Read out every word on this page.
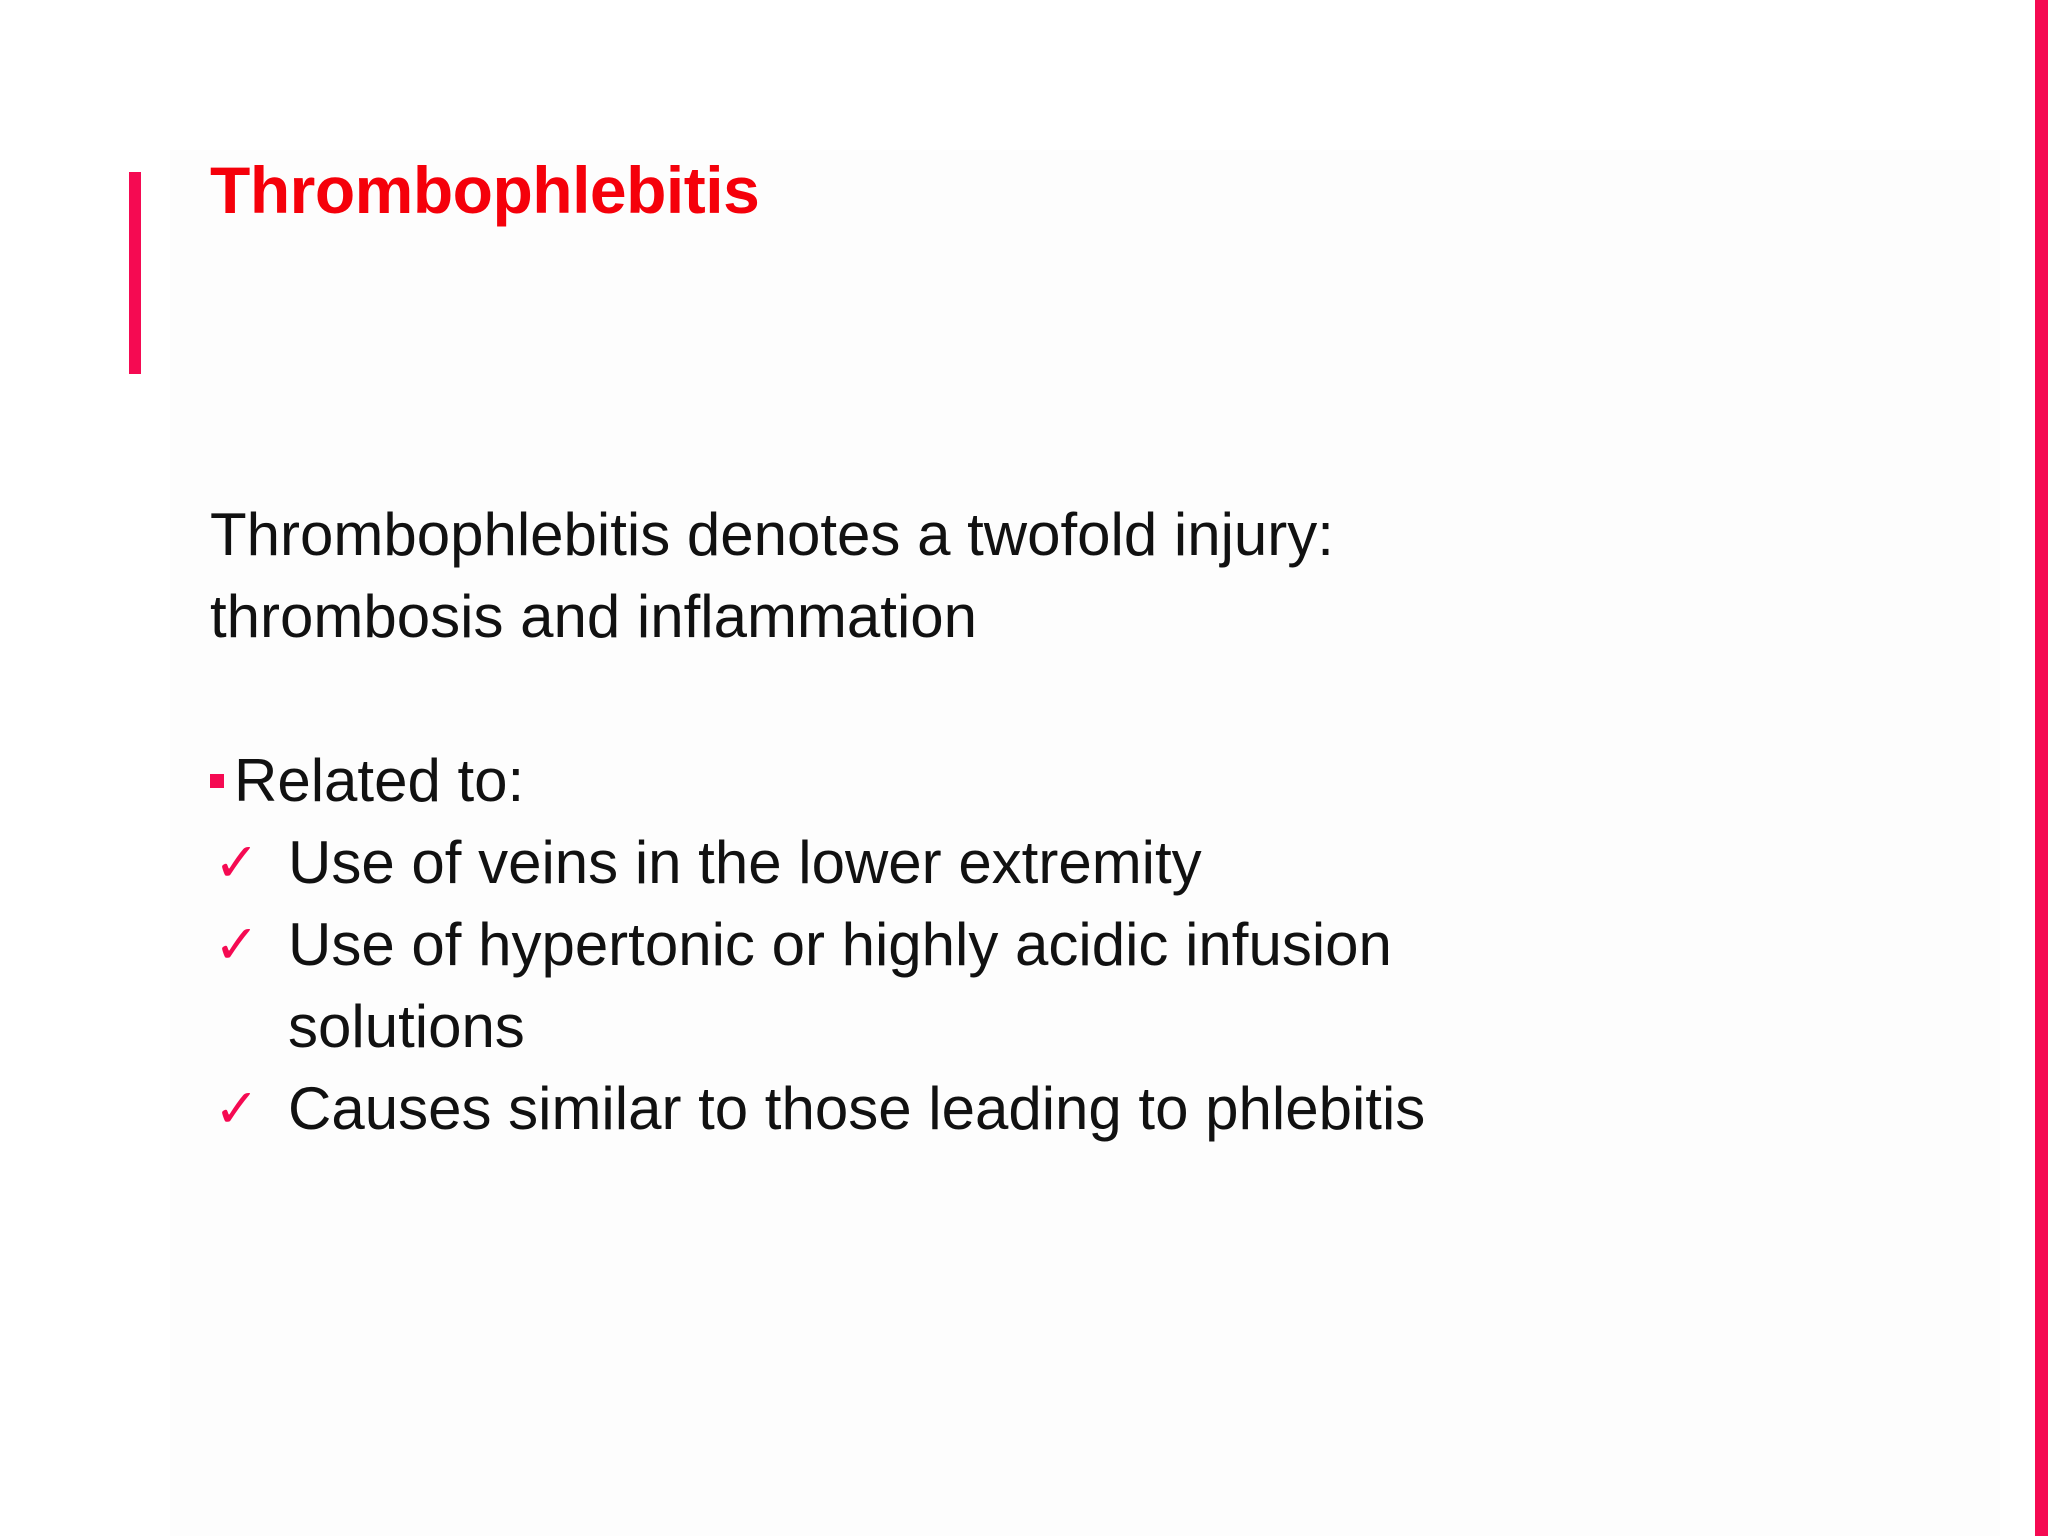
Thrombophlebitis

Thrombophlebitis denotes a twofold injury: thrombosis and inflammation

Related to:

✓ Use of veins in the lower extremity
✓ Use of hypertonic or highly acidic infusion solutions
✓ Causes similar to those leading to phlebitis
